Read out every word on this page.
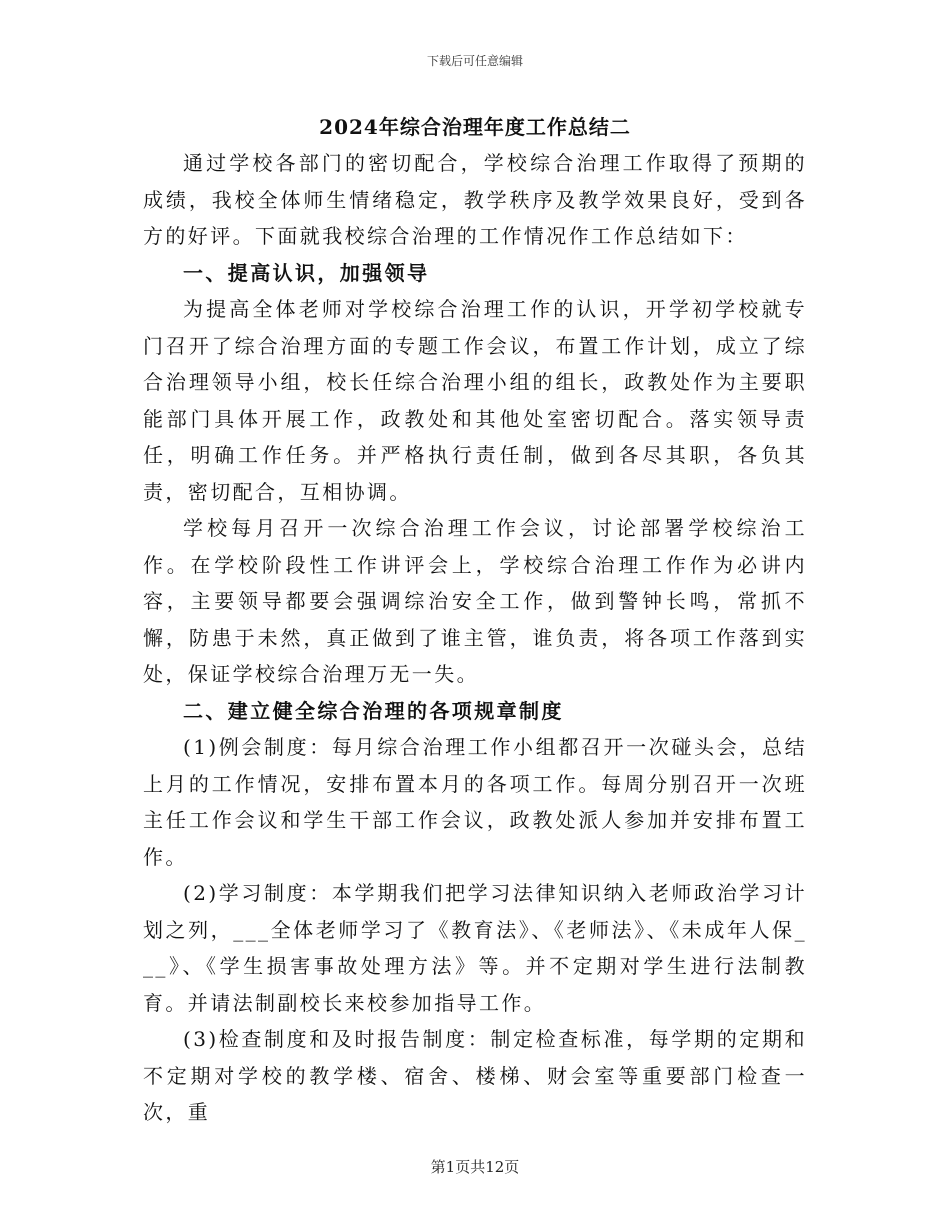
下载后可任意编辑
2024年综合治理年度工作总结二

通过学校各部门的密切配合，学校综合治理工作取得了预期的成绩，我校全体师生情绪稳定，教学秩序及教学效果良好，受到各方的好评。下面就我校综合治理的工作情况作工作总结如下：

一、提高认识，加强领导

为提高全体老师对学校综合治理工作的认识，开学初学校就专门召开了综合治理方面的专题工作会议，布置工作计划，成立了综合治理领导小组，校长任综合治理小组的组长，政教处作为主要职能部门具体开展工作，政教处和其他处室密切配合。落实领导责任，明确工作任务。并严格执行责任制，做到各尽其职，各负其责，密切配合，互相协调。

学校每月召开一次综合治理工作会议，讨论部署学校综治工作。在学校阶段性工作讲评会上，学校综合治理工作作为必讲内容，主要领导都要会强调综治安全工作，做到警钟长鸣，常抓不懈，防患于未然，真正做到了谁主管，谁负责，将各项工作落到实处，保证学校综合治理万无一失。

二、建立健全综合治理的各项规章制度

(1)例会制度：每月综合治理工作小组都召开一次碰头会，总结上月的工作情况，安排布置本月的各项工作。每周分别召开一次班主任工作会议和学生干部工作会议，政教处派人参加并安排布置工作。

(2)学习制度：本学期我们把学习法律知识纳入老师政治学习计划之列，___全体老师学习了《教育法》、《老师法》、《未成年人保___》、《学生损害事故处理方法》等。并不定期对学生进行法制教育。并请法制副校长来校参加指导工作。

(3)检查制度和及时报告制度：制定检查标准，每学期的定期和不定期对学校的教学楼、宿舍、楼梯、财会室等重要部门检查一次，重

第1页共12页
